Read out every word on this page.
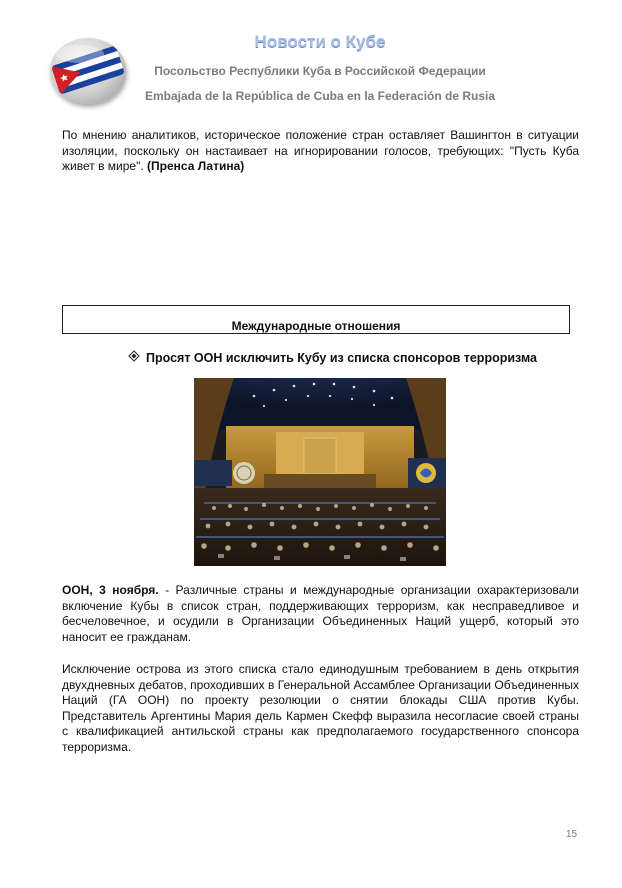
Новости о Кубе
Посольство Республики Куба в Российской Федерации
Embajada de la República de Cuba en la Federación de Rusia

По мнению аналитиков, историческое положение стран оставляет Вашингтон в ситуации изоляции, поскольку он настаивает на игнорировании голосов, требующих: "Пусть Куба живет в мире". (Пренса Латина)

Международные отношения
Просят ООН исключить Кубу из списка спонсоров терроризма

ООН, 3 ноября. - Различные страны и международные организации охарактеризовали включение Кубы в список стран, поддерживающих терроризм, как несправедливое и бесчеловечное, и осудили в Организации Объединенных Наций ущерб, который это наносит ее гражданам.

Исключение острова из этого списка стало единодушным требованием в день открытия двухдневных дебатов, проходивших в Генеральной Ассамблее Организации Объединенных Наций (ГА ООН) по проекту резолюции о снятии блокады США против Кубы. Представитель Аргентины Мария дель Кармен Скефф выразила несогласие своей страны с квалификацией антильской страны как предполагаемого государственного спонсора терроризма.

15
